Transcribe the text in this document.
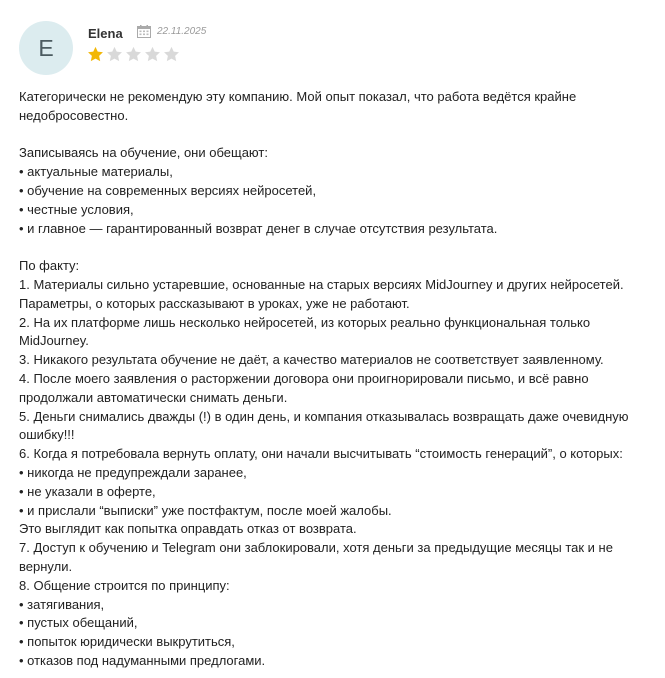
E
Elena	22.11.2025
Категорически не рекомендую эту компанию. Мой опыт показал, что работа ведётся крайне
недобросовестно.
Записываясь на обучение, они обещают:
• актуальные материалы,
• обучение на современных версиях нейросетей,
• честные условия,
• и главное — гарантированный возврат денег в случае отсутствия результата.
По факту:
1. Материалы сильно устаревшие, основанные на старых версиях MidJourney и других нейросетей.
Параметры, о которых рассказывают в уроках, уже не работают.
2. На их платформе лишь несколько нейросетей, из которых реально функциональная только
MidJourney.
3. Никакого результата обучение не даёт, а качество материалов не соответствует заявленному.
4. После моего заявления о расторжении договора они проигнорировали письмо, и всё равно
продолжали автоматически снимать деньги.
5. Деньги снимались дважды (!) в один день, и компания отказывалась возвращать даже очевидную
ошибку!!!
6. Когда я потребовала вернуть оплату, они начали высчитывать “стоимость генераций”, о которых:
• никогда не предупреждали заранее,
• не указали в оферте,
• и прислали “выписки” уже постфактум, после моей жалобы.
Это выглядит как попытка оправдать отказ от возврата.
7. Доступ к обучению и Telegram они заблокировали, хотя деньги за предыдущие месяцы так и не
вернули.
8. Общение строится по принципу:
• затягивания,
• пустых обещаний,
• попыток юридически выкрутиться,
• отказов под надуманными предлогами.
